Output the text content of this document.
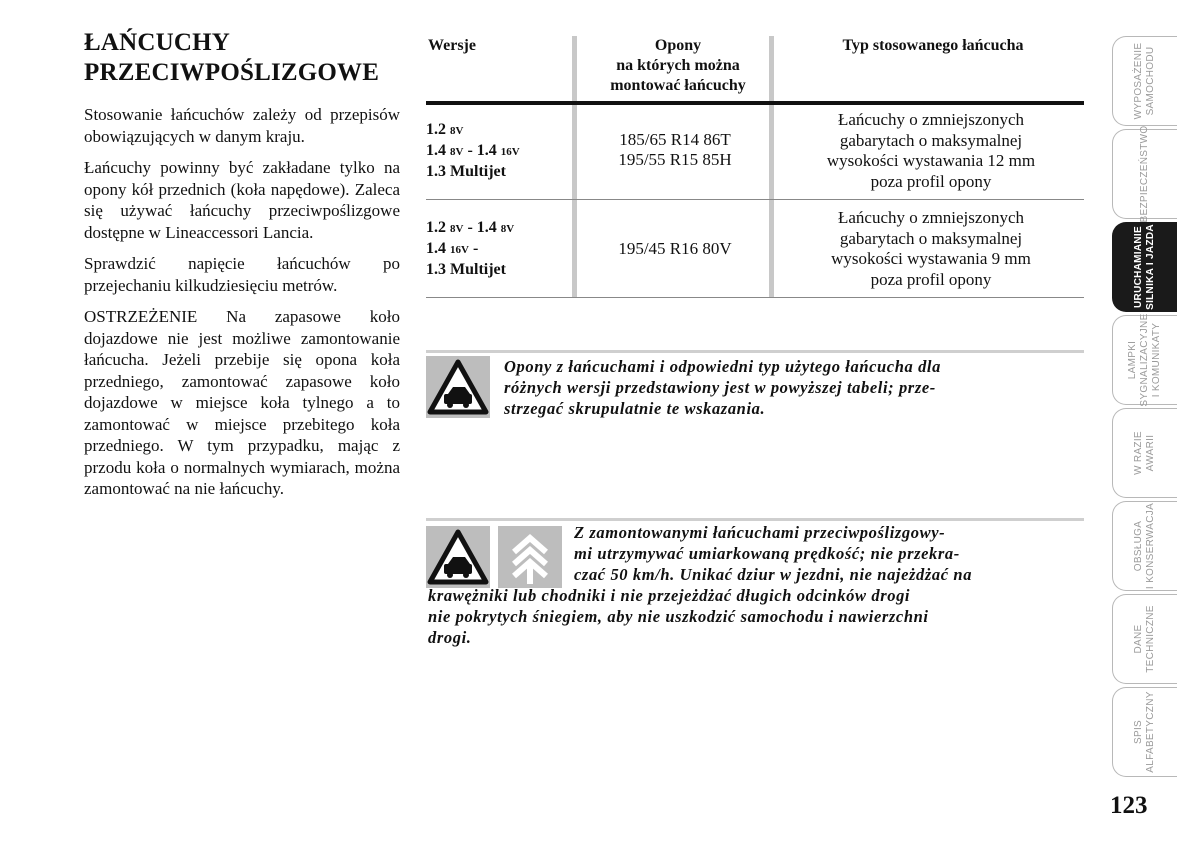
ŁAŃCUCHY
PRZECIWPOŚLIZGOWE

Stosowanie łańcuchów zależy od przepisów obowiązujących w danym kraju.

Łańcuchy powinny być zakładane tylko na opony kół przednich (koła napędowe). Zaleca się używać łańcuchy przeciwpoślizgowe dostępne w Lineaccessori Lancia.

Sprawdzić napięcie łańcuchów po przejechaniu kilkudziesięciu metrów.

OSTRZEŻENIE Na zapasowe koło dojazdowe nie jest możliwe zamontowanie łańcucha. Jeżeli przebije się opona koła przedniego, zamontować zapasowe koło dojazdowe w miejsce koła tylnego a to zamontować w miejsce przebitego koła przedniego. W tym przypadku, mając z przodu koła o normalnych wymiarach, można zamontować na nie łańcuchy.

Wersje	Opony
na których można
montować łańcuchy
Typ stosowanego łańcucha
1.2 8V
1.4 8V - 1.4 16V
1.3 Multijet
185/65 R14 86T
195/55 R15 85H
Łańcuchy o zmniejszonych
gabarytach o maksymalnej
wysokości wystawania 12 mm
poza profil opony
1.2 8V - 1.4 8V
1.4 16V -
1.3 Multijet
195/45 R16 80V
Łańcuchy o zmniejszonych
gabarytach o maksymalnej
wysokości wystawania 9 mm
poza profil opony
Opony z łańcuchami i odpowiedni typ użytego łańcucha dla
różnych wersji przedstawiony jest w powyższej tabeli; prze-
strzegać skrupulatnie te wskazania.
Z zamontowanymi łańcuchami przeciwpoślizgowy-
mi utrzymywać umiarkowaną prędkość; nie przekra-
czać 50 km/h. Unikać dziur w jezdni, nie najeżdżać na
krawężniki lub chodniki i nie przejeżdżać długich odcinków drogi
nie pokrytych śniegiem, aby nie uszkodzić samochodu i nawierzchni
drogi.
WYPOSAŻENIE SAMOCHODU
BEZPIECZEŃSTWO
URUCHAMIANIE SILNIKA I JAZDA
LAMPKI SYGNALIZACYJNE I KOMUNIKATY
W RAZIE AWARII
OBSŁUGA I KONSERWACJA
DANE TECHNICZNE
SPIS ALFABETYCZNY
123
